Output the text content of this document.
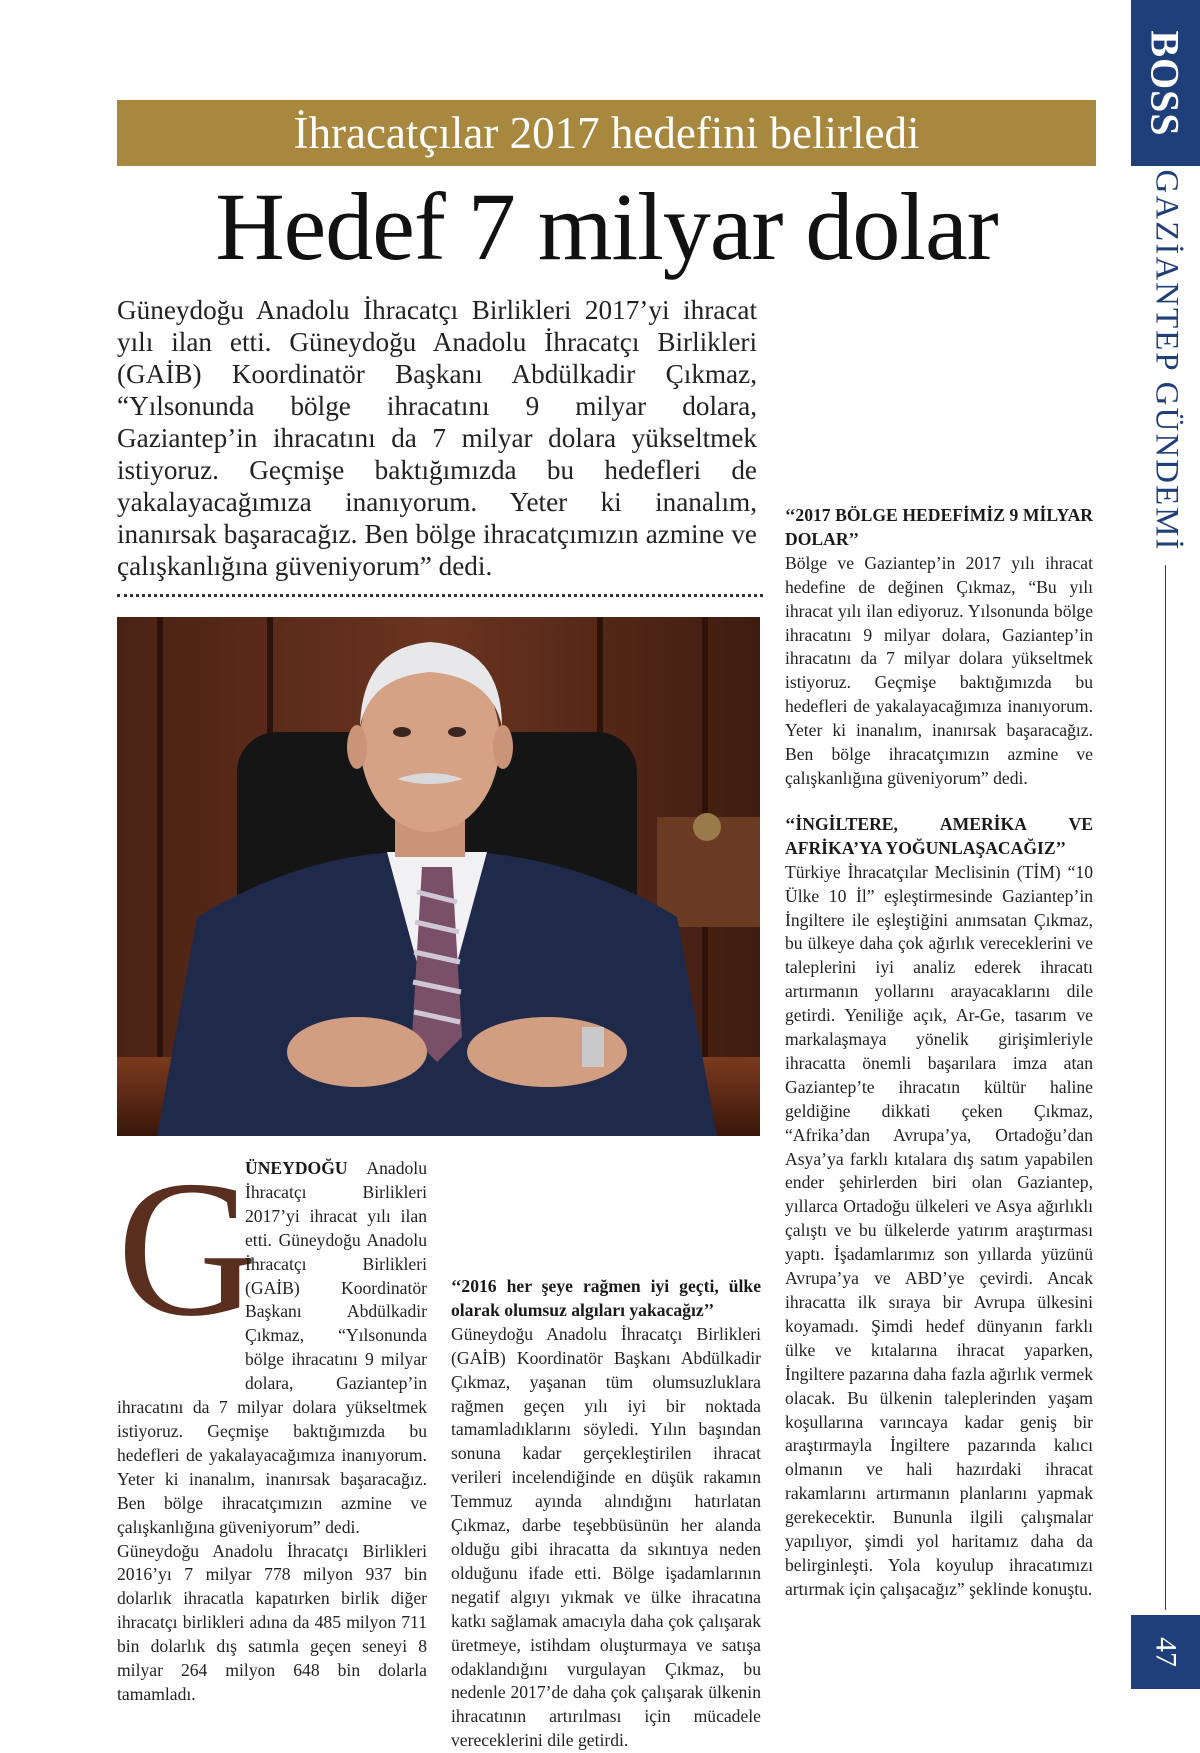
BOSS
GAZİANTEP GÜNDEMİ
47
İhracatçılar 2017 hedefini belirledi
Hedef 7 milyar dolar
Güneydoğu Anadolu İhracatçı Birlikleri 2017’yi ihracat yılı ilan etti. Güneydoğu Anadolu İhracatçı Birlikleri (GAİB) Koordinatör Başkanı Abdülkadir Çıkmaz, “Yılsonunda bölge ihracatını 9 milyar dolara, Gaziantep’in ihracatını da 7 milyar dolara yükseltmek istiyoruz. Geçmişe baktığımızda bu hedefleri de yakalayacağımıza inanıyorum. Yeter ki inanalım, inanırsak başaracağız. Ben bölge ihracatçımızın azmine ve çalışkanlığına güveniyorum” dedi.
G

ÜNEYDOĞU Anadolu İhracatçı Birlikleri 2017’yi ihracat yılı ilan etti. Güneydoğu Anadolu İhracatçı Birlikleri (GAİB) Koordinatör Başkanı Abdülkadir Çıkmaz, “Yılsonunda bölge ihracatını 9 milyar dolara, Gaziantep’in ihracatını da 7 milyar dolara yükseltmek istiyoruz. Geçmişe baktığımızda bu hedefleri de yakalayacağımıza inanıyorum. Yeter ki inanalım, inanırsak başaracağız. Ben bölge ihracatçımızın azmine ve çalışkanlığına güveniyorum” dedi.

Güneydoğu Anadolu İhracatçı Birlikleri 2016’yı 7 milyar 778 milyon 937 bin dolarlık ihracatla kapatırken birlik diğer ihracatçı birlikleri adına da 485 milyon 711 bin dolarlık dış satımla geçen seneyi 8 milyar 264 milyon 648 bin dolarla tamamladı.

‘‘2016 her şeye rağmen iyi geçti, ülke olarak olumsuz algıları yakacağız’’

Güneydoğu Anadolu İhracatçı Birlikleri (GAİB) Koordinatör Başkanı Abdülkadir Çıkmaz, yaşanan tüm olumsuzluklara rağmen geçen yılı iyi bir noktada tamamladıklarını söyledi. Yılın başından sonuna kadar gerçekleştirilen ihracat verileri incelendiğinde en düşük rakamın Temmuz ayında alındığını hatırlatan Çıkmaz, darbe teşebbüsünün her alanda olduğu gibi ihracatta da sıkıntıya neden olduğunu ifade etti. Bölge işadamlarının negatif algıyı yıkmak ve ülke ihracatına katkı sağlamak amacıyla daha çok çalışarak üretmeye, istihdam oluşturmaya ve satışa odaklandığını vurgulayan Çıkmaz, bu nedenle 2017’de daha çok çalışarak ülkenin ihracatının artırılması için mücadele vereceklerini dile getirdi.

‘‘2017 BÖLGE HEDEFİMİZ 9 MİLYAR DOLAR’’

Bölge ve Gaziantep’in 2017 yılı ihracat hedefine de değinen Çıkmaz, “Bu yılı ihracat yılı ilan ediyoruz. Yılsonunda bölge ihracatını 9 milyar dolara, Gaziantep’in ihracatını da 7 milyar dolara yükseltmek istiyoruz. Geçmişe baktığımızda bu hedefleri de yakalayacağımıza inanıyorum. Yeter ki inanalım, inanırsak başaracağız. Ben bölge ihracatçımızın azmine ve çalışkanlığına güveniyorum” dedi.

‘‘İNGİLTERE, AMERİKA VE AFRİKA’YA YOĞUNLAŞACAĞIZ’’

Türkiye İhracatçılar Meclisinin (TİM) “10 Ülke 10 İl” eşleştirmesinde Gaziantep’in İngiltere ile eşleştiğini anımsatan Çıkmaz, bu ülkeye daha çok ağırlık vereceklerini ve taleplerini iyi analiz ederek ihracatı artırmanın yollarını arayacaklarını dile getirdi. Yeniliğe açık, Ar-Ge, tasarım ve markalaşmaya yönelik girişimleriyle ihracatta önemli başarılara imza atan Gaziantep’te ihracatın kültür haline geldiğine dikkati çeken Çıkmaz, “Afrika’dan Avrupa’ya, Ortadoğu’dan Asya’ya farklı kıtalara dış satım yapabilen ender şehirlerden biri olan Gaziantep, yıllarca Ortadoğu ülkeleri ve Asya ağırlıklı çalıştı ve bu ülkelerde yatırım araştırması yaptı. İşadamlarımız son yıllarda yüzünü Avrupa’ya ve ABD’ye çevirdi. Ancak ihracatta ilk sıraya bir Avrupa ülkesini koyamadı. Şimdi hedef dünyanın farklı ülke ve kıtalarına ihracat yaparken, İngiltere pazarına daha fazla ağırlık vermek olacak. Bu ülkenin taleplerinden yaşam koşullarına varıncaya kadar geniş bir araştırmayla İngiltere pazarında kalıcı olmanın ve hali hazırdaki ihracat rakamlarını artırmanın planlarını yapmak gerekecektir. Bununla ilgili çalışmalar yapılıyor, şimdi yol haritamız daha da belirginleşti. Yola koyulup ihracatımızı artırmak için çalışacağız” şeklinde konuştu.
